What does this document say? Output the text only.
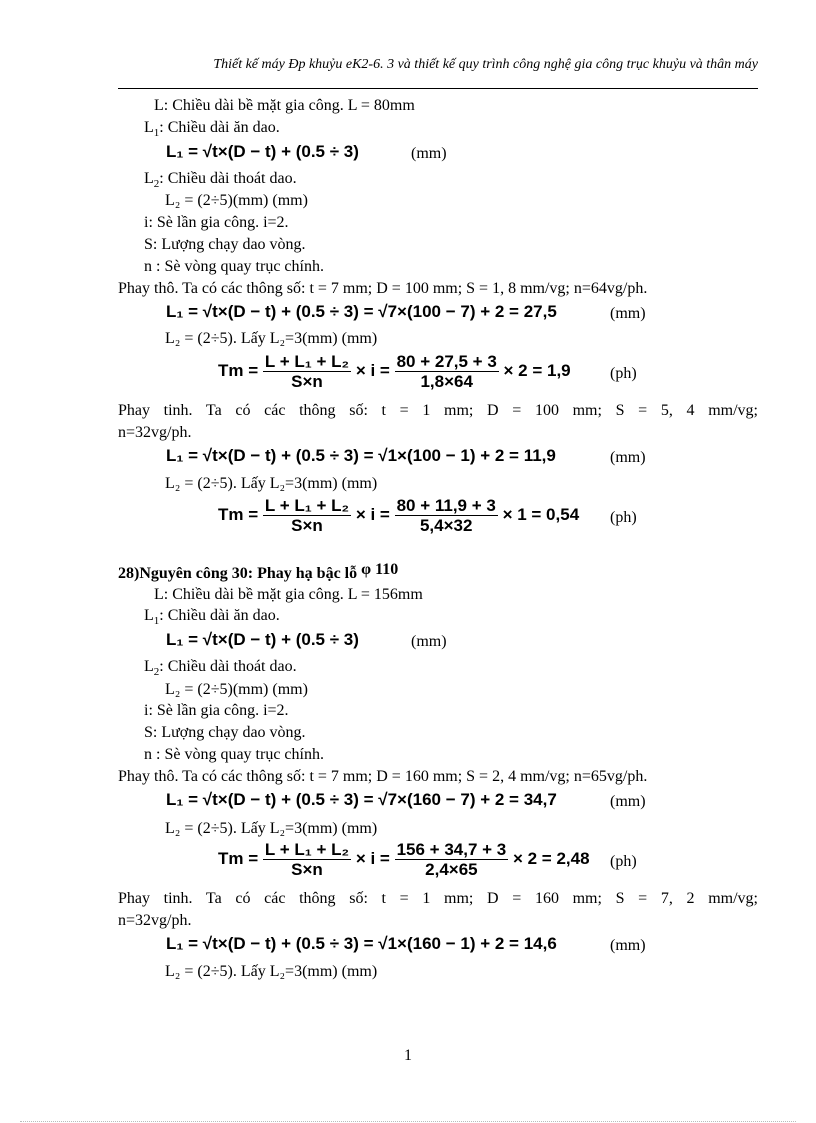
Thiết kế máy Đp khuỷu eK2-6. 3 và thiết kế quy trình công nghệ gia công trục khuỷu và thân máy
L: Chiều dài bề mặt gia công. L = 80mm
$L_1$: Chiều dài ăn dao.
L₁ = √t×(D − t) + (0.5 ÷ 3)	(mm)
$L_2$: Chiều dài thoát dao.
L₂ = (2÷5)(mm) (mm)
i: Sè lần gia công. i=2.
S: Lượng chạy dao vòng.
n : Sè vòng quay trục chính.
Phay thô. Ta có các thông số: t = 7 mm; D = 100 mm; S = 1, 8 mm/vg; n=64vg/ph.
L₁ = √t×(D − t) + (0.5 ÷ 3) = √7×(100 − 7) + 2 = 27,5	(mm)
L₂ = (2÷5). Lấy L₂=3(mm) (mm)
$Tm = \frac{\text{L + L₁ + L₂}}{S\times n} \times i = \frac{80 + 27,5 + 3}{1,8\times 64} \times 2 = 1,9$ (ph)
Phay tinh. Ta có các thông số: t = 1 mm; D = 100 mm; S = 5, 4 mm/vg;
n=32vg/ph.
L₁ = √t×(D − t) + (0.5 ÷ 3) = √1×(100 − 1) + 2 = 11,9	(mm)
L₂ = (2÷5). Lấy L₂=3(mm) (mm)
$Tm = \frac{\text{L + L₁ + L₂}}{S\times n} \times i = \frac{80 + 11,9 + 3}{5,4\times 32} \times 1 = 0,54$ (ph)
28)Nguyên công 30: Phay hạ bậc lỗ φ 110
L: Chiều dài bề mặt gia công. L = 156mm
$L_1$: Chiều dài ăn dao.
L₁ = √t×(D − t) + (0.5 ÷ 3)	(mm)
$L_2$: Chiều dài thoát dao.
L₂ = (2÷5)(mm) (mm)
i: Sè lần gia công. i=2.
S: Lượng chạy dao vòng.
n : Sè vòng quay trục chính.
Phay thô. Ta có các thông số: t = 7 mm; D = 160 mm; S = 2, 4 mm/vg; n=65vg/ph.
L₁ = √t×(D − t) + (0.5 ÷ 3) = √7×(160 − 7) + 2 = 34,7	(mm)
L₂ = (2÷5). Lấy L₂=3(mm) (mm)
$Tm = \frac{\text{L + L₁ + L₂}}{S\times n} \times i = \frac{156 + 34,7 + 3}{2,4\times 65} \times 2 = 2,48$ (ph)
Phay tinh. Ta có các thông số: t = 1 mm; D = 160 mm; S = 7, 2 mm/vg;
n=32vg/ph.
L₁ = √t×(D − t) + (0.5 ÷ 3) = √1×(160 − 1) + 2 = 14,6	(mm)
L₂ = (2÷5). Lấy L₂=3(mm) (mm)
1
